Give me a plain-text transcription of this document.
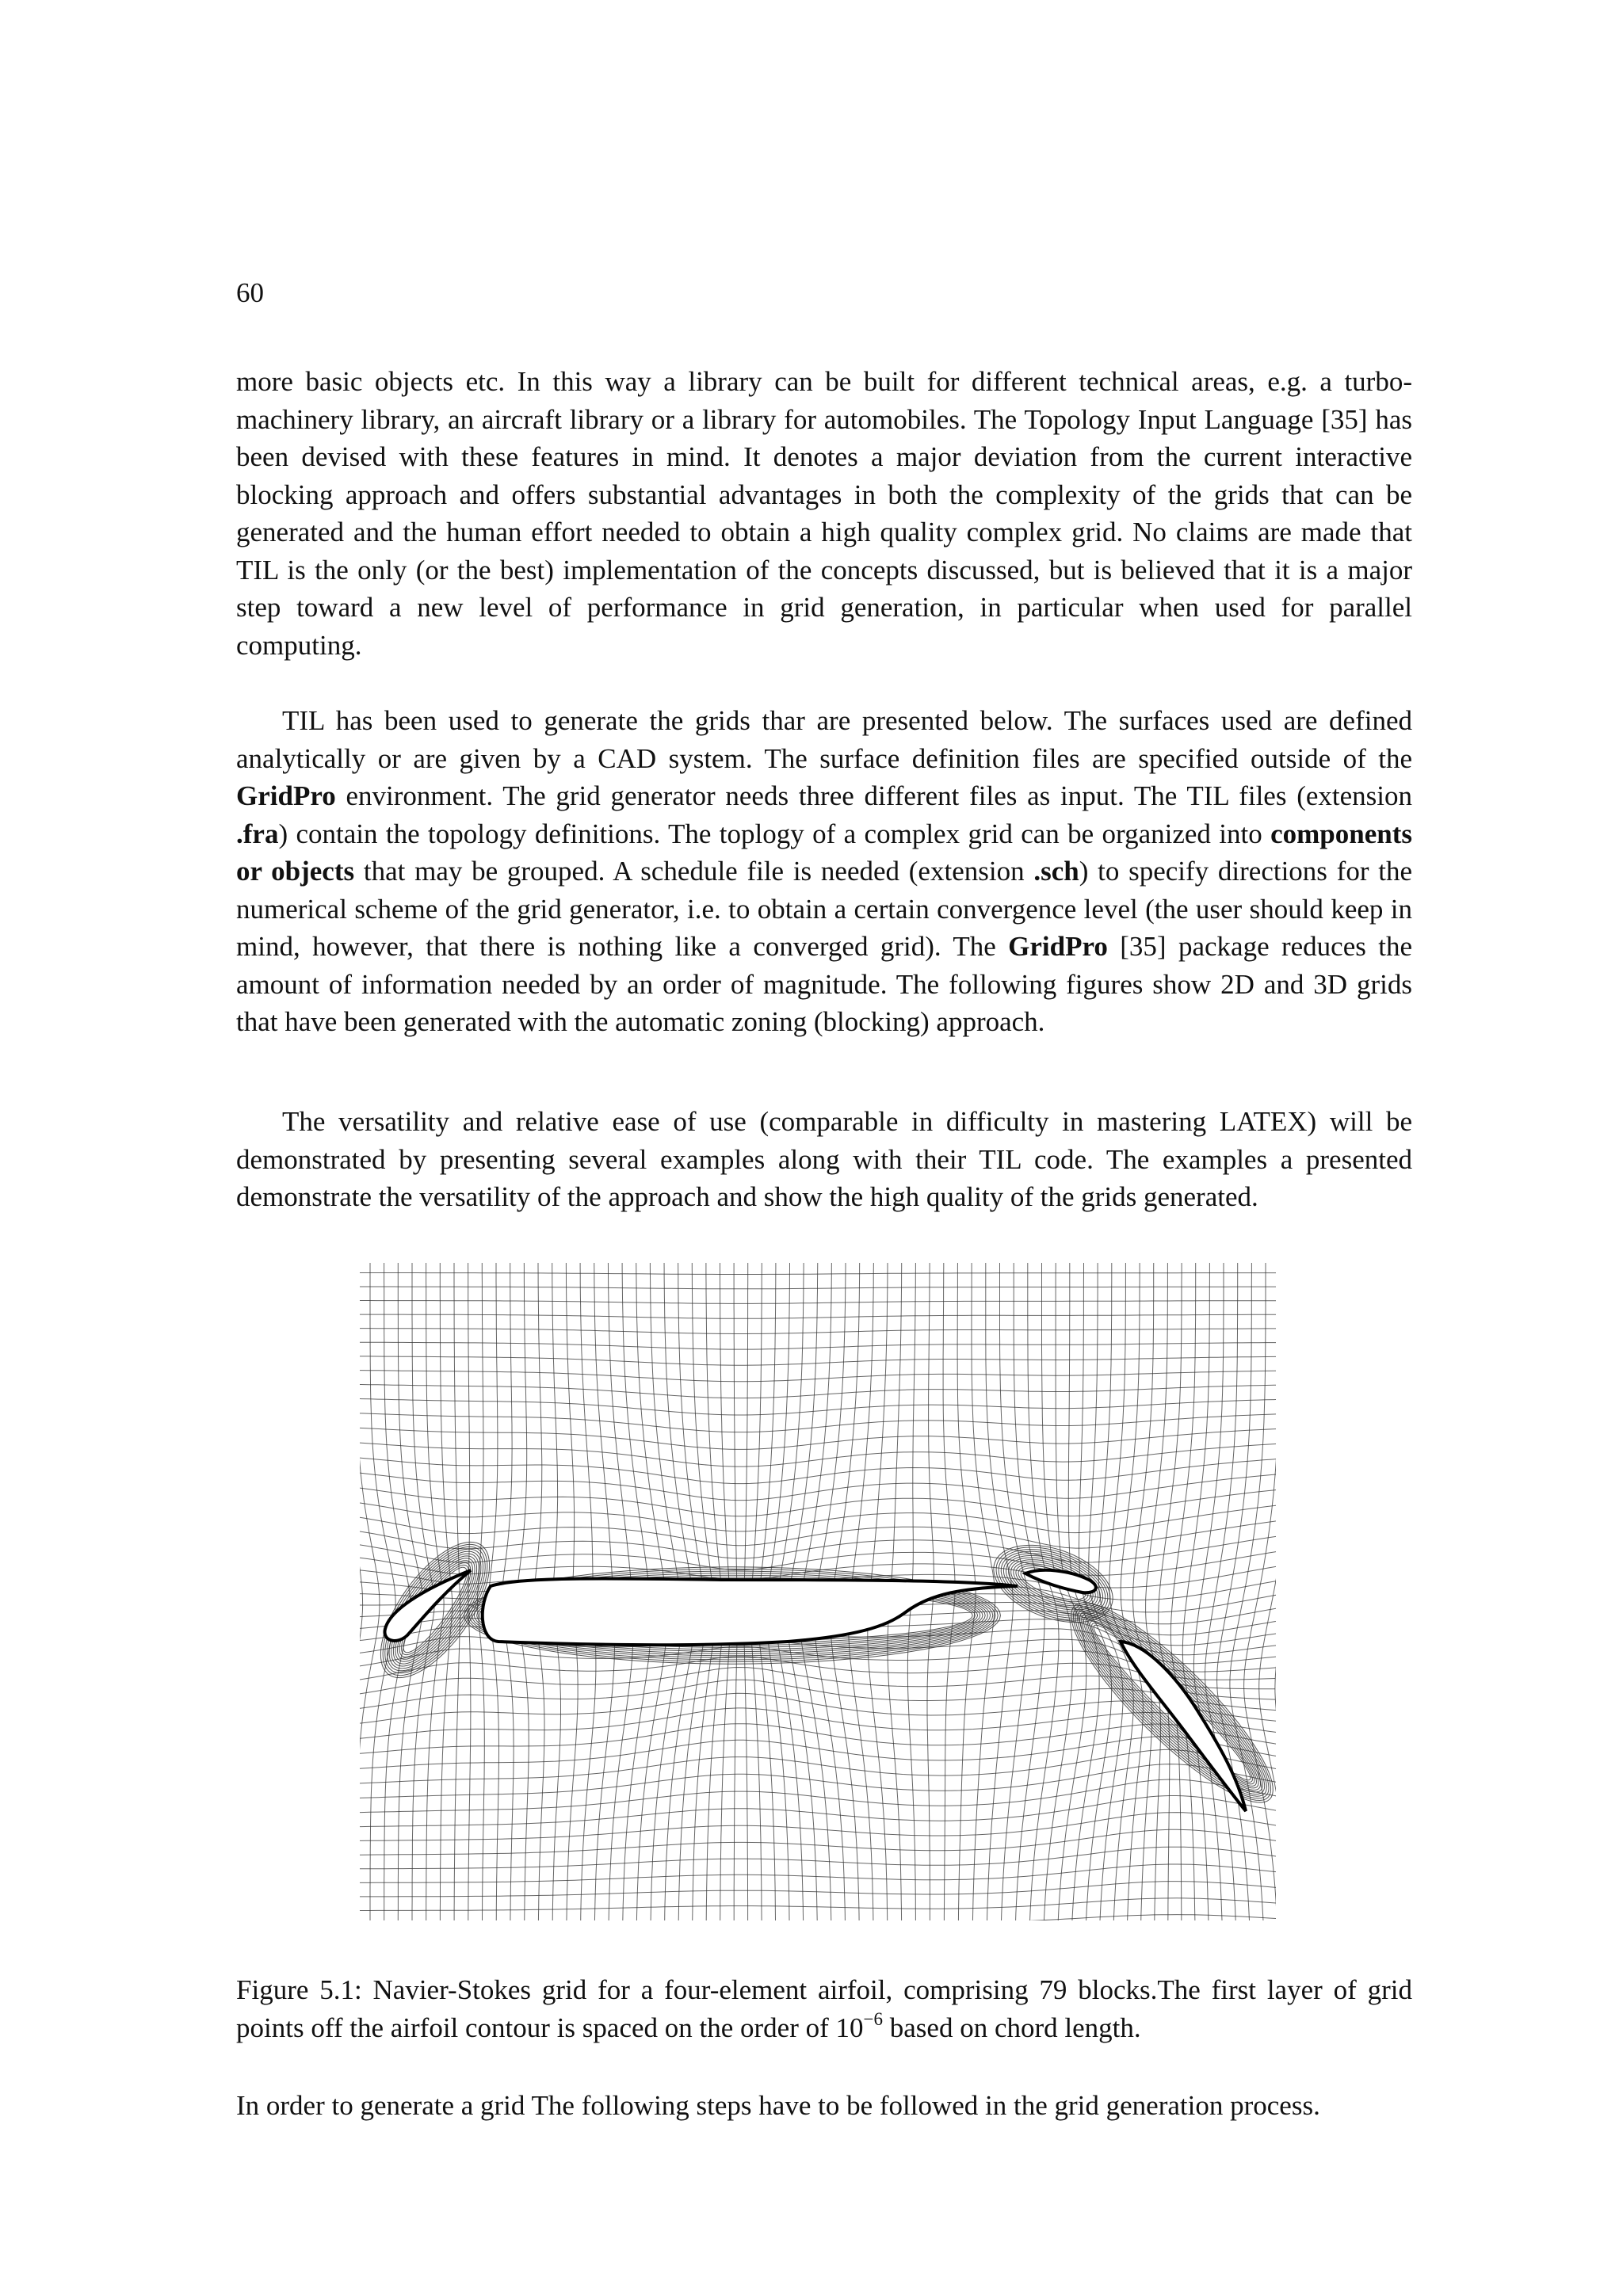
60

more basic objects etc. In this way a library can be built for different technical areas, e.g. a turbomachinery library, an aircraft library or a library for automobiles. The Topology Input Language [35] has been devised with these features in mind. It denotes a major deviation from the current interactive blocking approach and offers substantial advantages in both the complexity of the grids that can be generated and the human effort needed to obtain a high quality complex grid. No claims are made that TIL is the only (or the best) implementation of the concepts discussed, but is believed that it is a major step toward a new level of performance in grid generation, in particular when used for parallel computing.

TIL has been used to generate the grids thar are presented below. The surfaces used are defined analytically or are given by a CAD system. The surface definition files are specified outside of the GridPro environment. The grid generator needs three different files as input. The TIL files (extension .fra) contain the topology definitions. The toplogy of a complex grid can be organized into components or objects that may be grouped. A schedule file is needed (extension .sch) to specify directions for the numerical scheme of the grid generator, i.e. to obtain a certain convergence level (the user should keep in mind, however, that there is nothing like a converged grid). The GridPro [35] package reduces the amount of information needed by an order of magnitude. The following figures show 2D and 3D grids that have been generated with the automatic zoning (blocking) approach.

The versatility and relative ease of use (comparable in difficulty in mastering LATEX) will be demonstrated by presenting several examples along with their TIL code. The examples a presented demonstrate the versatility of the approach and show the high quality of the grids generated.

Figure 5.1: Navier-Stokes grid for a four-element airfoil, comprising 79 blocks.The first layer of grid points off the airfoil contour is spaced on the order of $10^{-6}$ based on chord length.

In order to generate a grid The following steps have to be followed in the grid generation process.
